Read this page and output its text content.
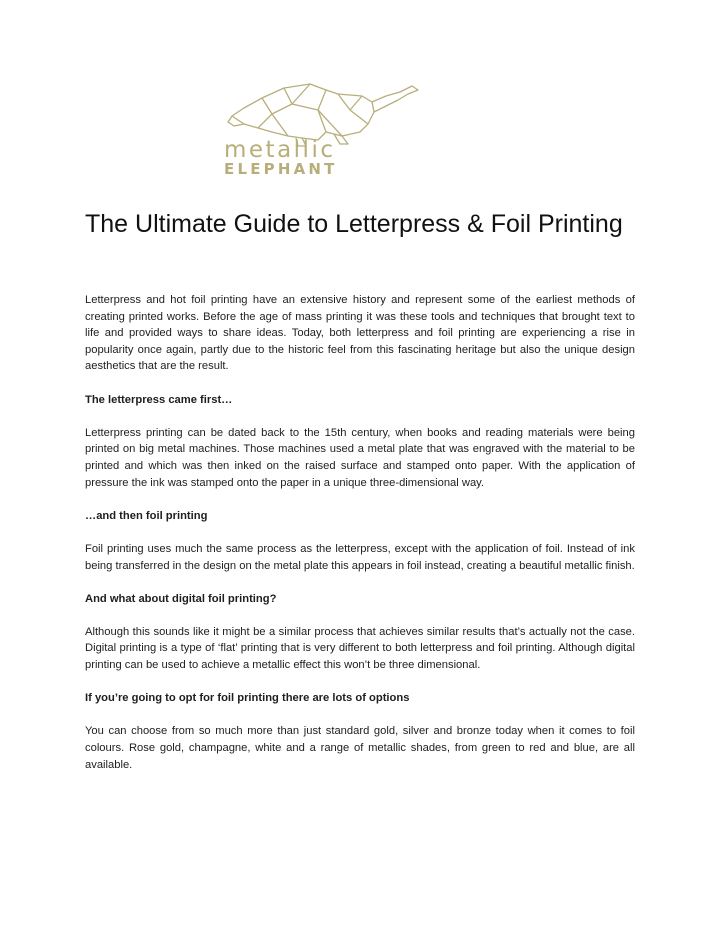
metallic
ELEPHANT
The Ultimate Guide to Letterpress & Foil Printing

Letterpress and hot foil printing have an extensive history and represent some of the earliest methods of creating printed works. Before the age of mass printing it was these tools and techniques that brought text to life and provided ways to share ideas. Today, both letterpress and foil printing are experiencing a rise in popularity once again, partly due to the historic feel from this fascinating heritage but also the unique design aesthetics that are the result.

The letterpress came first…

Letterpress printing can be dated back to the 15th century, when books and reading materials were being printed on big metal machines. Those machines used a metal plate that was engraved with the material to be printed and which was then inked on the raised surface and stamped onto paper. With the application of pressure the ink was stamped onto the paper in a unique three-dimensional way.

…and then foil printing

Foil printing uses much the same process as the letterpress, except with the application of foil. Instead of ink being transferred in the design on the metal plate this appears in foil instead, creating a beautiful metallic finish.

And what about digital foil printing?

Although this sounds like it might be a similar process that achieves similar results that’s actually not the case. Digital printing is a type of ‘flat’ printing that is very different to both letterpress and foil printing. Although digital printing can be used to achieve a metallic effect this won’t be three dimensional.

If you’re going to opt for foil printing there are lots of options

You can choose from so much more than just standard gold, silver and bronze today when it comes to foil colours. Rose gold, champagne, white and a range of metallic shades, from green to red and blue, are all available.
